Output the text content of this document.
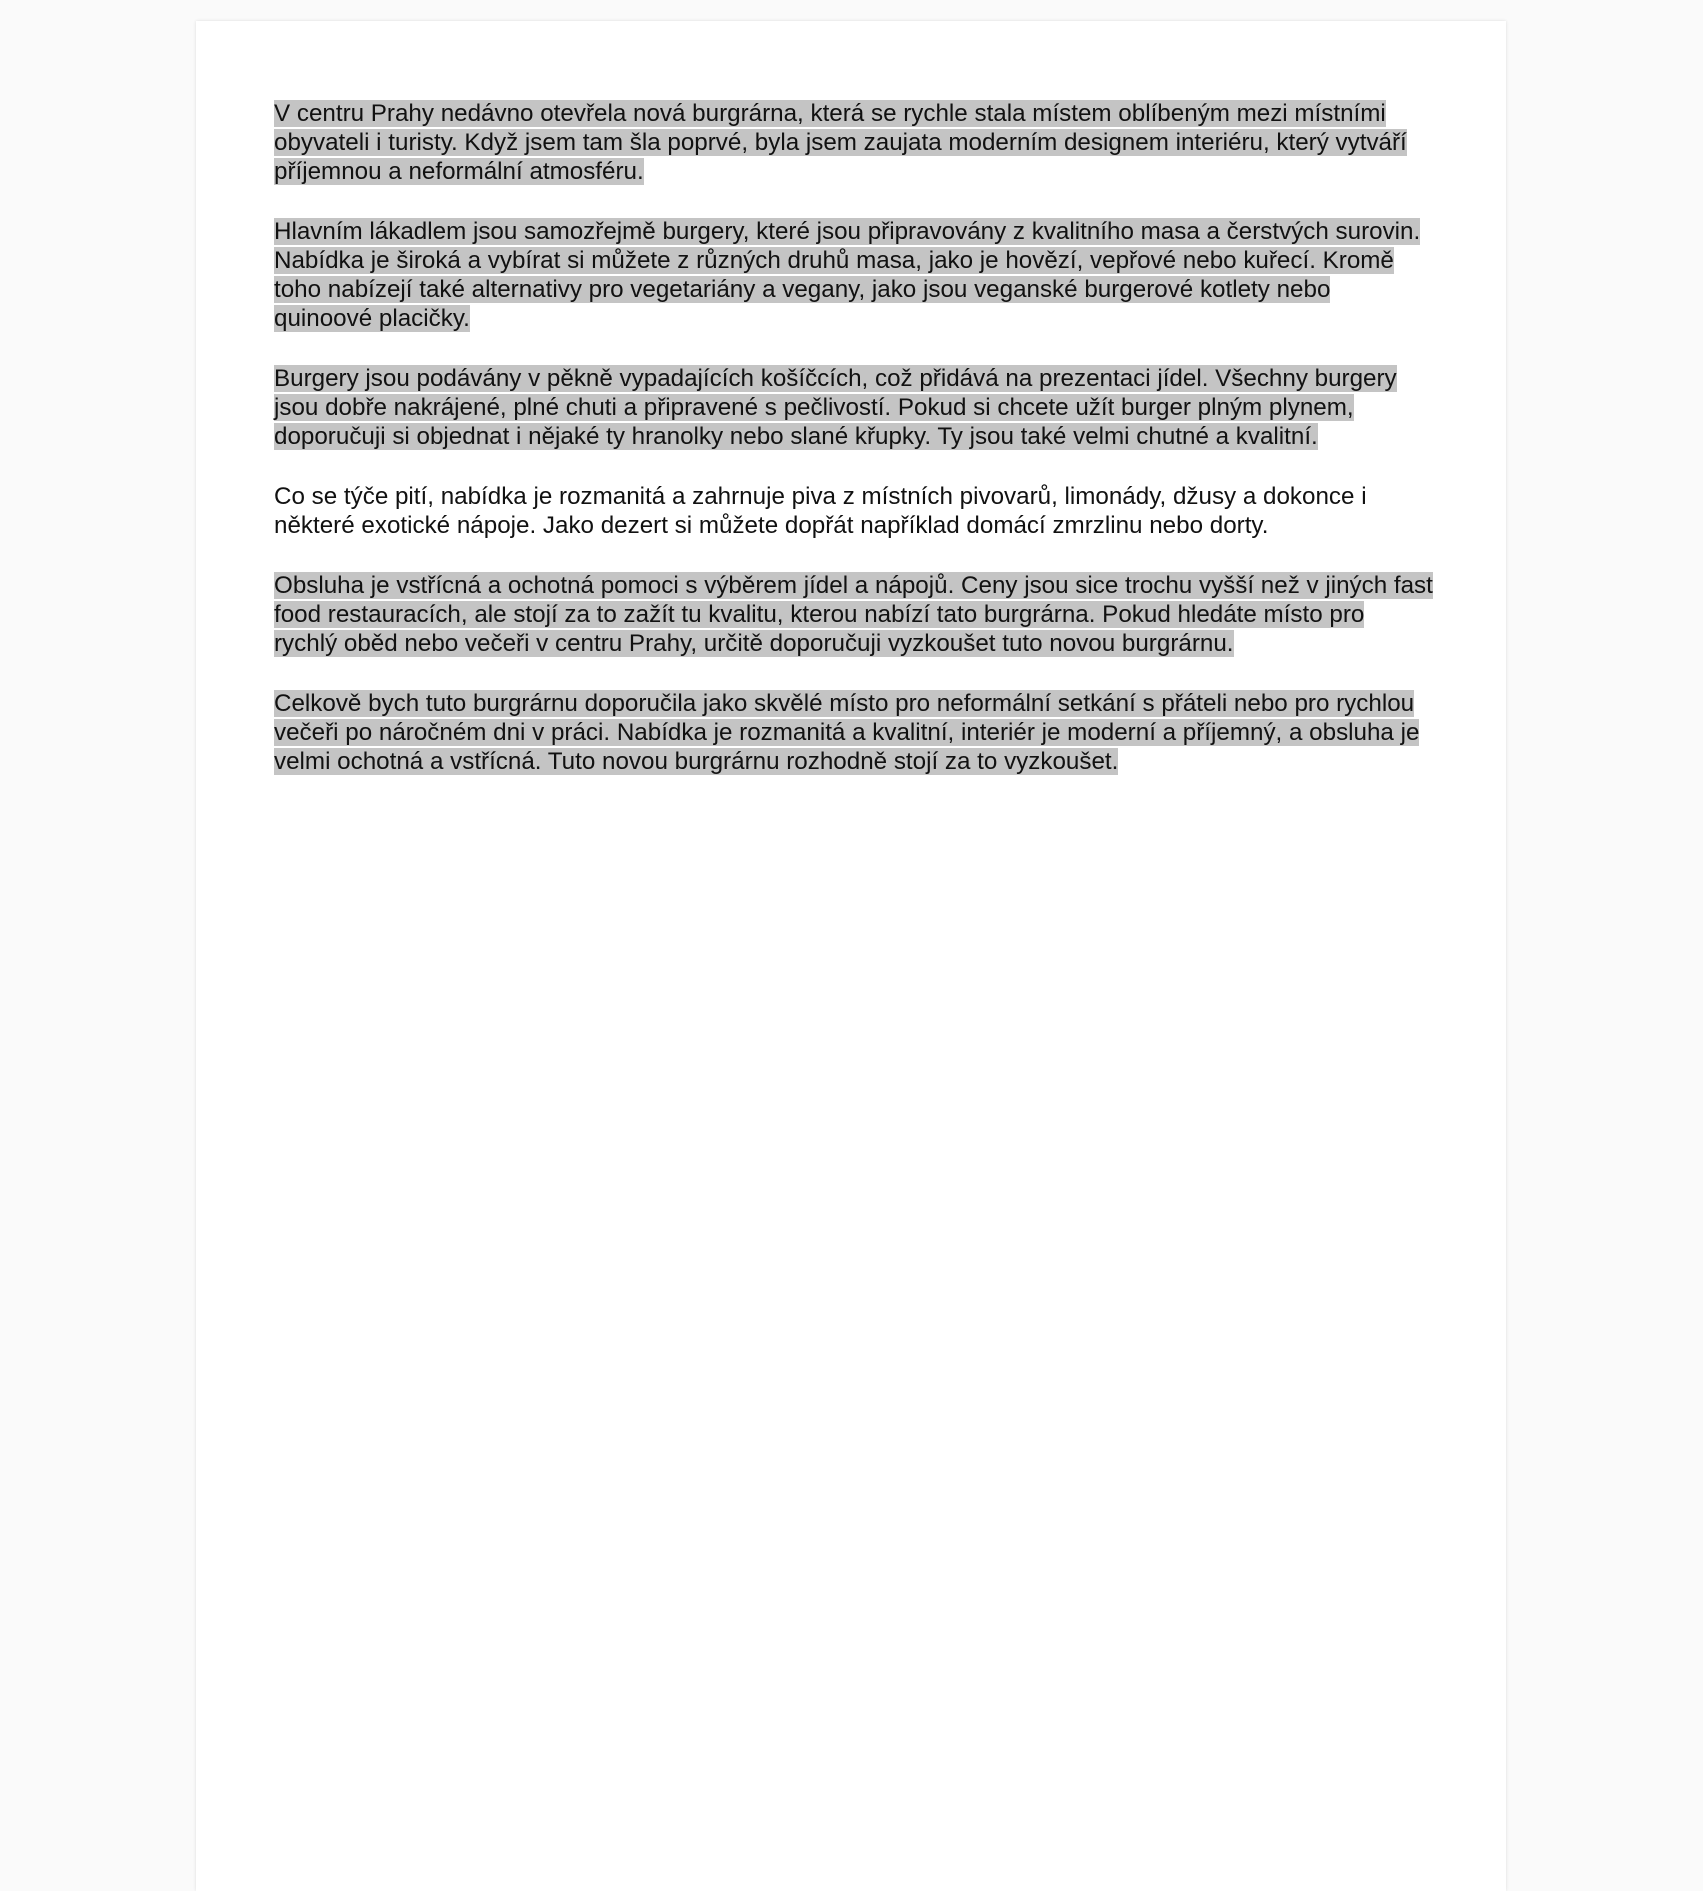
V centru Prahy nedávno otevřela nová burgrárna, která se rychle stala místem oblíbeným mezi místními obyvateli i turisty. Když jsem tam šla poprvé, byla jsem zaujata moderním designem interiéru, který vytváří příjemnou a neformální atmosféru.

Hlavním lákadlem jsou samozřejmě burgery, které jsou připravovány z kvalitního masa a čerstvých surovin. Nabídka je široká a vybírat si můžete z různých druhů masa, jako je hovězí, vepřové nebo kuřecí. Kromě toho nabízejí také alternativy pro vegetariány a vegany, jako jsou veganské burgerové kotlety nebo quinoové placičky.

Burgery jsou podávány v pěkně vypadajících košíčcích, což přidává na prezentaci jídel. Všechny burgery jsou dobře nakrájené, plné chuti a připravené s pečlivostí. Pokud si chcete užít burger plným plynem, doporučuji si objednat i nějaké ty hranolky nebo slané křupky. Ty jsou také velmi chutné a kvalitní.

Co se týče pití, nabídka je rozmanitá a zahrnuje piva z místních pivovarů, limonády, džusy a dokonce i některé exotické nápoje. Jako dezert si můžete dopřát například domácí zmrzlinu nebo dorty.

Obsluha je vstřícná a ochotná pomoci s výběrem jídel a nápojů. Ceny jsou sice trochu vyšší než v jiných fast food restauracích, ale stojí za to zažít tu kvalitu, kterou nabízí tato burgrárna. Pokud hledáte místo pro rychlý oběd nebo večeři v centru Prahy, určitě doporučuji vyzkoušet tuto novou burgrárnu.

Celkově bych tuto burgrárnu doporučila jako skvělé místo pro neformální setkání s přáteli nebo pro rychlou večeři po náročném dni v práci. Nabídka je rozmanitá a kvalitní, interiér je moderní a příjemný, a obsluha je velmi ochotná a vstřícná. Tuto novou burgrárnu rozhodně stojí za to vyzkoušet.
